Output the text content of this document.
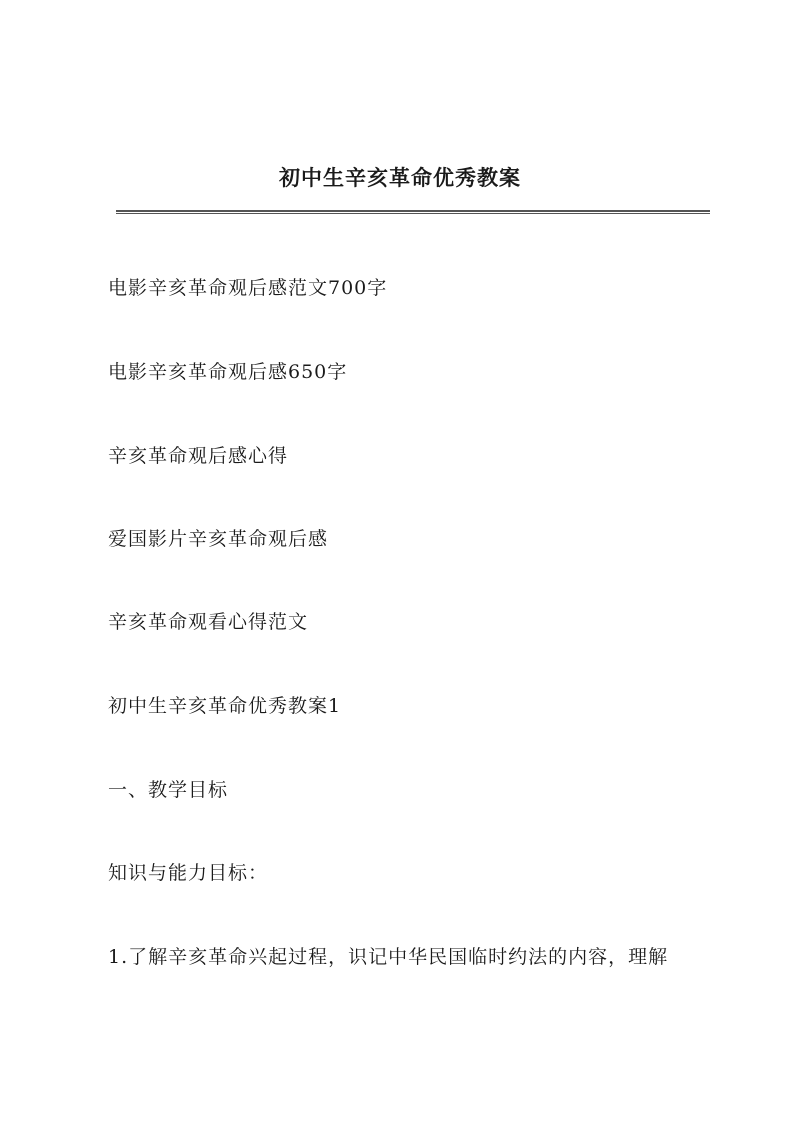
初中生辛亥革命优秀教案

电影辛亥革命观后感范文700字

电影辛亥革命观后感650字

辛亥革命观后感心得

爱国影片辛亥革命观后感

辛亥革命观看心得范文

初中生辛亥革命优秀教案1

一、教学目标

知识与能力目标：

1.了解辛亥革命兴起过程，识记中华民国临时约法的内容，理解
